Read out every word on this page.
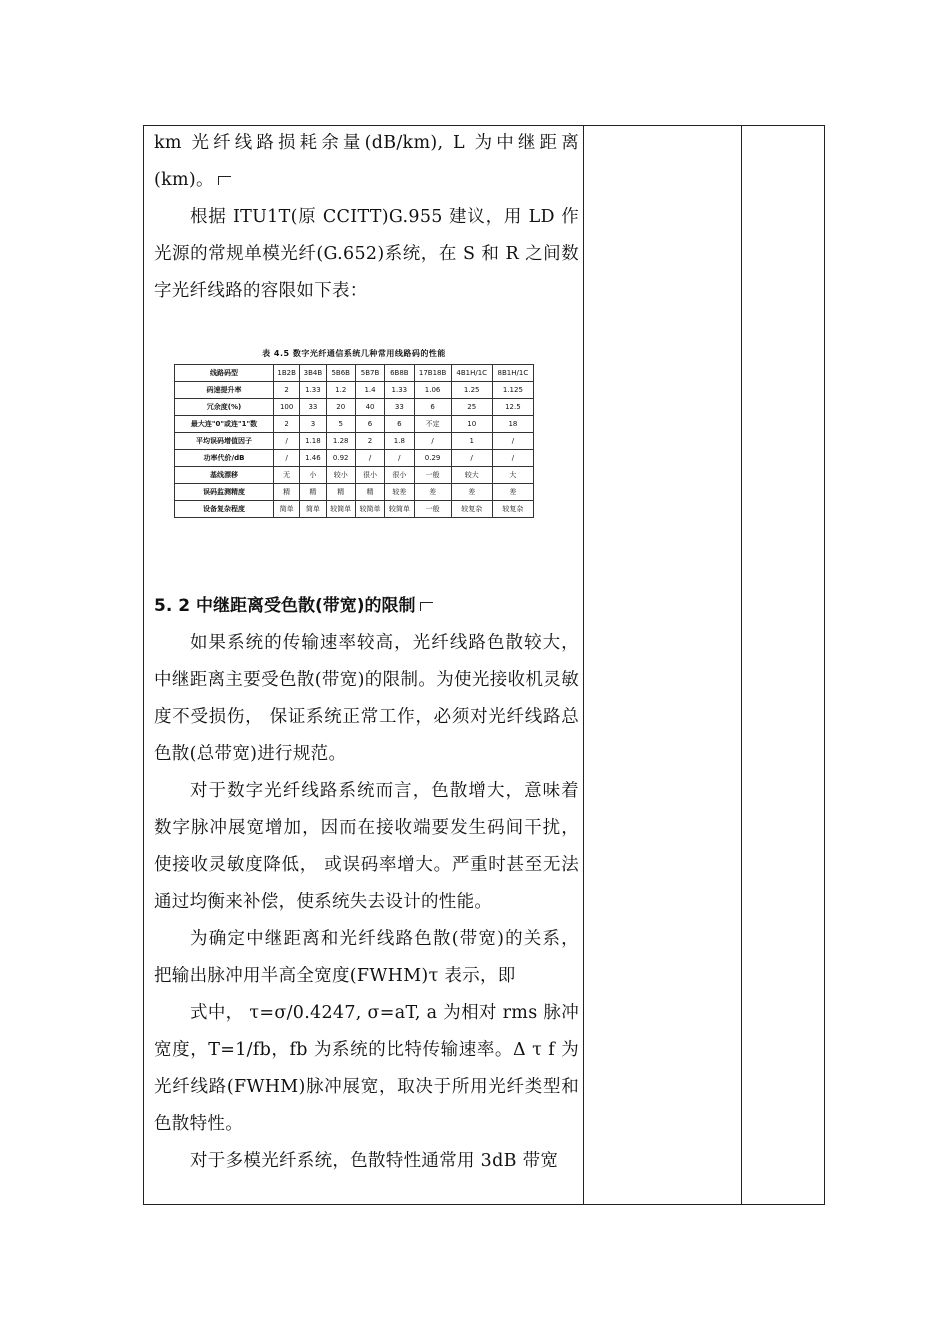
km 光纤线路损耗余量(dB/km), L 为中继距离(km)。

根据 ITU1T(原 CCITT)G.955 建议，用 LD 作光源的常规单模光纤(G.652)系统，在 S 和 R 之间数字光纤线路的容限如下表：

表 4.5 数字光纤通信系统几种常用线路码的性能

线路码型	1B2B	3B4B	5B6B	5B7B	6B8B	17B18B	4B1H/1C	8B1H/1C
码速提升率	2	1.33	1.2	1.4	1.33	1.06	1.25	1.125
冗余度(%)	100	33	20	40	33	6	25	12.5
最大连"0"或连"1"数	2	3	5	6	6	不定	10	18
平均误码增值因子	/	1.18	1.28	2	1.8	/	1	/
功率代价/dB	/	1.46	0.92	/	/	0.29	/	/
基线漂移	无	小	较小	很小	很小	一般	较大	大
误码监测精度	精	精	精	精	较差	差	差	差
设备复杂程度	简单	简单	较简单	较简单	较简单	一般	较复杂	较复杂

5. 2 中继距离受色散(带宽)的限制

如果系统的传输速率较高，光纤线路色散较大， 中继距离主要受色散(带宽)的限制。为使光接收机灵敏度不受损伤， 保证系统正常工作，必须对光纤线路总色散(总带宽)进行规范。

对于数字光纤线路系统而言，色散增大，意味着数字脉冲展宽增加，因而在接收端要发生码间干扰，使接收灵敏度降低， 或误码率增大。严重时甚至无法通过均衡来补偿，使系统失去设计的性能。

为确定中继距离和光纤线路色散(带宽)的关系， 把输出脉冲用半高全宽度(FWHM)τ 表示，即

式中， τ=σ/0.4247, σ=aT, a 为相对 rms 脉冲宽度，T=1/fb，fb 为系统的比特传输速率。Δ τ f 为光纤线路(FWHM)脉冲展宽，取决于所用光纤类型和色散特性。

对于多模光纤系统，色散特性通常用 3dB 带宽
